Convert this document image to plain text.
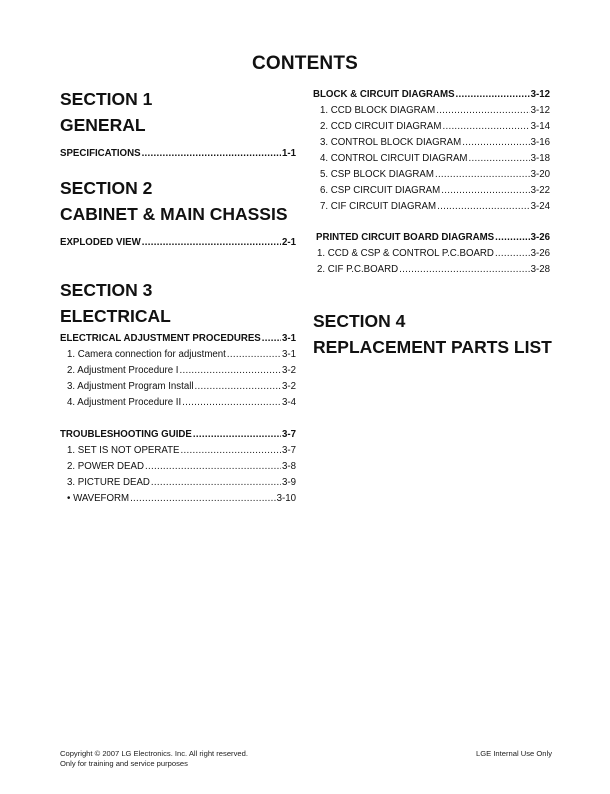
CONTENTS
SECTION 1
GENERAL
SPECIFICATIONS .....	1-1
SECTION 2
CABINET & MAIN CHASSIS
EXPLODED VIEW .....	2-1
SECTION 3
ELECTRICAL
ELECTRICAL ADJUSTMENT PROCEDURES ..... 3-1
1. Camera connection for adjustment .....	3-1
2. Adjustment Procedure I .....	3-2
3. Adjustment Program Install .....	3-2
4. Adjustment Procedure II .....	3-4
TROUBLESHOOTING GUIDE .....	3-7
1. SET IS NOT OPERATE .....	3-7
2. POWER DEAD .....	3-8
3. PICTURE DEAD .....	3-9
• WAVEFORM .....	3-10
BLOCK & CIRCUIT DIAGRAMS .....	3-12
1. CCD BLOCK DIAGRAM .....	3-12
2. CCD CIRCUIT DIAGRAM .....	3-14
3. CONTROL BLOCK DIAGRAM .....	3-16
4. CONTROL CIRCUIT DIAGRAM .....	3-18
5. CSP BLOCK DIAGRAM .....	3-20
6. CSP CIRCUIT DIAGRAM .....	3-22
7. CIF CIRCUIT DIAGRAM .....	3-24
PRINTED CIRCUIT BOARD DIAGRAMS .....	3-26
1. CCD & CSP & CONTROL P.C.BOARD .....	3-26
2. CIF P.C.BOARD .....	3-28
SECTION 4
REPLACEMENT PARTS LIST
Copyright © 2007 LG Electronics. Inc. All right reserved.
Only for training and service purposes
LGE Internal Use Only
